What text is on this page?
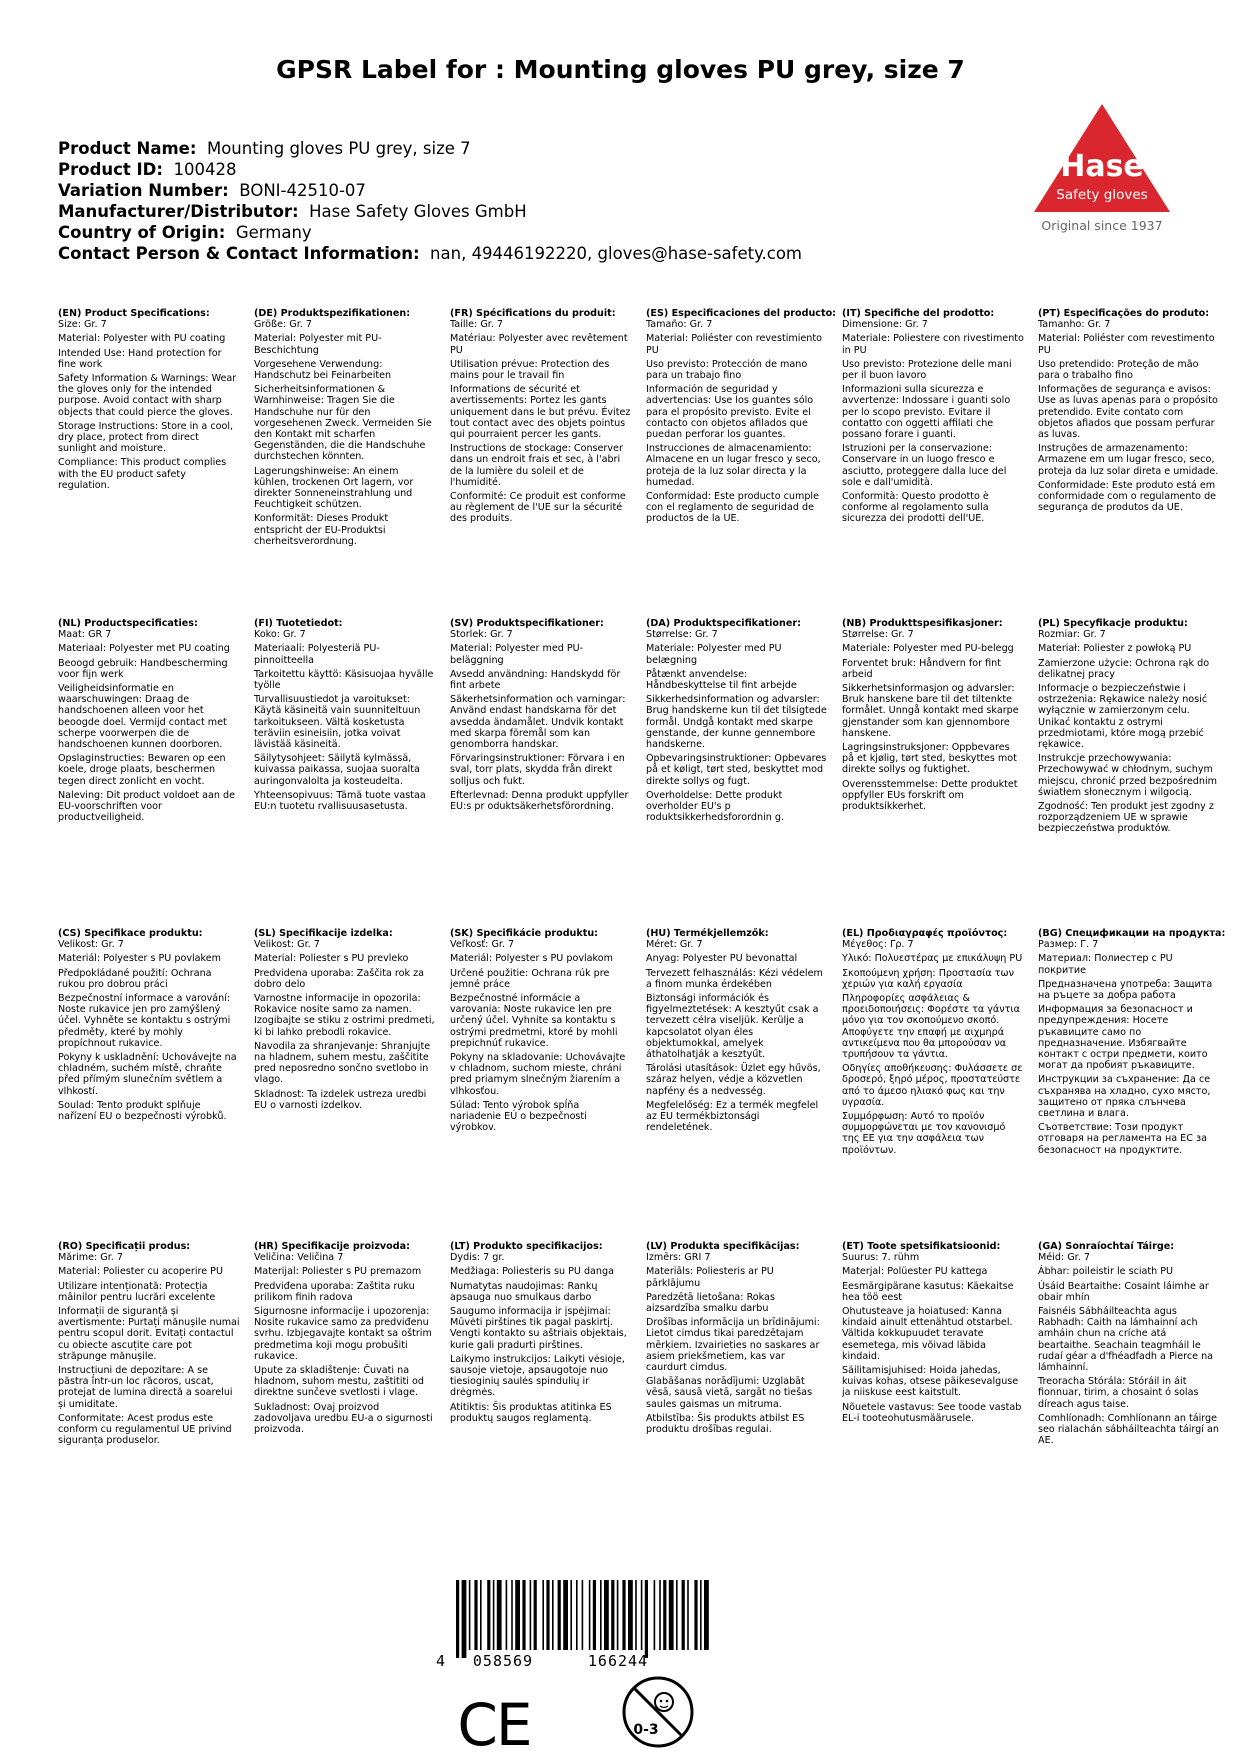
GPSR Label for : Mounting gloves PU grey, size 7
Product Name: Mounting gloves PU grey, size 7
Product ID: 100428
Variation Number: BONI-42510-07
Manufacturer/Distributor: Hase Safety Gloves GmbH
Country of Origin: Germany
Contact Person & Contact Information: nan, 49446192220, gloves@hase-safety.com
Hase
Safety gloves
Original since 1937
(EN) Product Specifications:
Size: Gr. 7
Material: Polyester with PU coating
Intended Use: Hand protection for fine work
Safety Information & Warnings: Wear the gloves only for the intended purpose. Avoid contact with sharp objects that could pierce the gloves.
Storage Instructions: Store in a cool, dry place, protect from direct sunlight and moisture.
Compliance: This product complies with the EU product safety regulation.
(DE) Produktspezifikationen:
Größe: Gr. 7
Material: Polyester mit PU-Beschichtung
Vorgesehene Verwendung: Handschutz bei Feinarbeiten
Sicherheitsinformationen & Warnhinweise: Tragen Sie die Handschuhe nur für den vorgesehenen Zweck. Vermeiden Sie den Kontakt mit scharfen Gegenständen, die die Handschuhe durchstechen könnten.
Lagerungshinweise: An einem kühlen, trockenen Ort lagern, vor direkter Sonneneinstrahlung und Feuchtigkeit schützen.
Konformität: Dieses Produkt entspricht der EU-Produktsi cherheitsverordnung.
(FR) Spécifications du produit:
Taille: Gr. 7
Matériau: Polyester avec revêtement PU
Utilisation prévue: Protection des mains pour le travail fin
Informations de sécurité et avertissements: Portez les gants uniquement dans le but prévu. Évitez tout contact avec des objets pointus qui pourraient percer les gants.
Instructions de stockage: Conserver dans un endroit frais et sec, à l'abri de la lumière du soleil et de l'humidité.
Conformité: Ce produit est conforme au règlement de l'UE sur la sécurité des produits.
(ES) Especificaciones del producto:
Tamaño: Gr. 7
Material: Poliéster con revestimiento PU
Uso previsto: Protección de mano para un trabajo fino
Información de seguridad y advertencias: Use los guantes sólo para el propósito previsto. Evite el contacto con objetos afilados que puedan perforar los guantes.
Instrucciones de almacenamiento: Almacene en un lugar fresco y seco, proteja de la luz solar directa y la humedad.
Conformidad: Este producto cumple con el reglamento de seguridad de productos de la UE.
(IT) Specifiche del prodotto:
Dimensione: Gr. 7
Materiale: Poliestere con rivestimento in PU
Uso previsto: Protezione delle mani per il buon lavoro
Informazioni sulla sicurezza e avvertenze: Indossare i guanti solo per lo scopo previsto. Evitare il contatto con oggetti affilati che possano forare i guanti.
Istruzioni per la conservazione: Conservare in un luogo fresco e asciutto, proteggere dalla luce del sole e dall'umidità.
Conformità: Questo prodotto è conforme al regolamento sulla sicurezza dei prodotti dell'UE.
(PT) Especificações do produto:
Tamanho: Gr. 7
Material: Poliéster com revestimento PU
Uso pretendido: Proteção de mão para o trabalho fino
Informações de segurança e avisos: Use as luvas apenas para o propósito pretendido. Evite contato com objetos afiados que possam perfurar as luvas.
Instruções de armazenamento: Armazene em um lugar fresco, seco, proteja da luz solar direta e umidade.
Conformidade: Este produto está em conformidade com o regulamento de segurança de produtos da UE.
(NL) Productspecificaties:
Maat: GR 7
Materiaal: Polyester met PU coating
Beoogd gebruik: Handbescherming voor fijn werk
Veiligheidsinformatie en waarschuwingen: Draag de handschoenen alleen voor het beoogde doel. Vermijd contact met scherpe voorwerpen die de handschoenen kunnen doorboren.
Opslaginstructies: Bewaren op een koele, droge plaats, beschermen tegen direct zonlicht en vocht.
Naleving: Dit product voldoet aan de EU-voorschriften voor productveiligheid.
(FI) Tuotetiedot:
Koko: Gr. 7
Materiaali: Polyesteriä PU-pinnoitteella
Tarkoitettu käyttö: Käsisuojaa hyvälle työlle
Turvallisuustiedot ja varoitukset: Käytä käsineitä vain suunniteltuun tarkoitukseen. Vältä kosketusta teräviin esineisiin, jotka voivat lävistää käsineitä.
Säilytysohjeet: Säilytä kylmässä, kuivassa paikassa, suojaa suoralta auringonvalolta ja kosteudelta.
Yhteensopivuus: Tämä tuote vastaa EU:n tuotetu rvallisuusasetusta.
(SV) Produktspecifikationer:
Storlek: Gr. 7
Material: Polyester med PU-beläggning
Avsedd användning: Handskydd för fint arbete
Säkerhetsinformation och varningar: Använd endast handskarna för det avsedda ändamålet. Undvik kontakt med skarpa föremål som kan genomborra handskar.
Förvaringsinstruktioner: Förvara i en sval, torr plats, skydda från direkt solljus och fukt.
Efterlevnad: Denna produkt uppfyller EU:s pr oduktsäkerhetsförordning.
(DA) Produktspecifikationer:
Størrelse: Gr. 7
Materiale: Polyester med PU belægning
Påtænkt anvendelse: Håndbeskyttelse til fint arbejde
Sikkerhedsinformation og advarsler: Brug handskerne kun til det tilsigtede formål. Undgå kontakt med skarpe genstande, der kunne gennembore handskerne.
Opbevaringsinstruktioner: Opbevares på et køligt, tørt sted, beskyttet mod direkte sollys og fugt.
Overholdelse: Dette produkt overholder EU's p roduktsikkerhedsforordnin g.
(NB) Produkttspesifikasjoner:
Størrelse: Gr. 7
Materiale: Polyester med PU-belegg
Forventet bruk: Håndvern for fint arbeid
Sikkerhetsinformasjon og advarsler: Bruk hanskene bare til det tiltenkte formålet. Unngå kontakt med skarpe gjenstander som kan gjennombore hanskene.
Lagringsinstruksjoner: Oppbevares på et kjølig, tørt sted, beskyttes mot direkte sollys og fuktighet.
Overensstemmelse: Dette produktet oppfyller EUs forskrift om produktsikkerhet.
(PL) Specyfikacje produktu:
Rozmiar: Gr. 7
Materiał: Poliester z powłoką PU
Zamierzone użycie: Ochrona rąk do delikatnej pracy
Informacje o bezpieczeństwie i ostrzeżenia: Rękawice należy nosić wyłącznie w zamierzonym celu. Unikać kontaktu z ostrymi przedmiotami, które mogą przebić rękawice.
Instrukcje przechowywania: Przechowywać w chłodnym, suchym miejscu, chronić przed bezpośrednim światłem słonecznym i wilgocią.
Zgodność: Ten produkt jest zgodny z rozporządzeniem UE w sprawie bezpieczeństwa produktów.
(CS) Specifikace produktu:
Velikost: Gr. 7
Materiál: Polyester s PU povlakem
Předpokládané použití: Ochrana rukou pro dobrou práci
Bezpečnostní informace a varování: Noste rukavice jen pro zamýšlený účel. Vyhněte se kontaktu s ostrými předměty, které by mohly propíchnout rukavice.
Pokyny k uskladnění: Uchovávejte na chladném, suchém místě, chraňte před přímým slunečním světlem a vlhkostí.
Soulad: Tento produkt splňuje nařízení EU o bezpečnosti výrobků.
(SL) Specifikacije izdelka:
Velikost: Gr. 7
Material: Poliester s PU prevleko
Predvidena uporaba: Zaščita rok za dobro delo
Varnostne informacije in opozorila: Rokavice nosite samo za namen. Izogibajte se stiku z ostrimi predmeti, ki bi lahko prebodli rokavice.
Navodila za shranjevanje: Shranjujte na hladnem, suhem mestu, zaščitite pred neposredno sončno svetlobo in vlago.
Skladnost: Ta izdelek ustreza uredbi EU o varnosti izdelkov.
(SK) Špecifikácie produktu:
Veľkosť: Gr. 7
Materiál: Polyester s PU povlakom
Určené použitie: Ochrana rúk pre jemné práce
Bezpečnostné informácie a varovania: Noste rukavice len pre určený účel. Vyhnite sa kontaktu s ostrými predmetmi, ktoré by mohli prepichnúť rukavice.
Pokyny na skladovanie: Uchovávajte v chladnom, suchom mieste, chráni pred priamym slnečným žiarením a vlhkosťou.
Súlad: Tento výrobok spĺňa nariadenie EÚ o bezpečnosti výrobkov.
(HU) Termékjellemzők:
Méret: Gr. 7
Anyag: Polyester PU bevonattal
Tervezett felhasználás: Kézi védelem a finom munka érdekében
Biztonsági információk és figyelmeztetések: A kesztyűt csak a tervezett célra viseljük. Kerülje a kapcsolatot olyan éles objektumokkal, amelyek áthatolhatják a kesztyűt.
Tárolási utasítások: Üzlet egy hűvös, száraz helyen, védje a közvetlen napfény és a nedvesség.
Megfelelőség: Ez a termék megfelel az EU termékbiztonsági rendeletének.
(EL) Προδιαγραφές προϊόντος:
Μέγεθος: Γρ. 7
Υλικό: Πολυεστέρας με επικάλυψη PU
Σκοπούμενη χρήση: Προστασία των χεριών για καλή εργασία
Πληροφορίες ασφάλειας & προειδοποιήσεις: Φορέστε τα γάντια μόνο για τον σκοπούμενο σκοπό. Αποφύγετε την επαφή με αιχμηρά αντικείμενα που θα μπορούσαν να τρυπήσουν τα γάντια.
Οδηγίες αποθήκευσης: Φυλάσσετε σε δροσερό, ξηρό μέρος, προστατεύστε από το άμεσο ηλιακό φως και την υγρασία.
Συμμόρφωση: Αυτό το προϊόν συμμορφώνεται με τον κανονισμό της ΕΕ για την ασφάλεια των προϊόντων.
(BG) Спецификации на продукта:
Размер: Г. 7
Материал: Полиестер с PU покритие
Предназначена употреба: Защита на ръцете за добра работа
Информация за безопасност и предупреждения: Носете ръкавиците само по предназначение. Избягвайте контакт с остри предмети, които могат да пробият ръкавиците.
Инструкции за съхранение: Да се съхранява на хладно, сухо място, защитено от пряка слънчева светлина и влага.
Съответствие: Този продукт отговаря на регламента на ЕС за безопасност на продуктите.
(RO) Specificații produs:
Mărime: Gr. 7
Material: Poliester cu acoperire PU
Utilizare intenționată: Protecția mâinilor pentru lucrări excelente
Informații de siguranță și avertismente: Purtați mănușile numai pentru scopul dorit. Evitați contactul cu obiecte ascuțite care pot străpunge mănușile.
Instrucțiuni de depozitare: A se păstra într-un loc răcoros, uscat, protejat de lumina directă a soarelui și umiditate.
Conformitate: Acest produs este conform cu regulamentul UE privind siguranța produselor.
(HR) Specifikacije proizvoda:
Veličina: Veličina 7
Materijal: Poliester s PU premazom
Predviđena uporaba: Zaštita ruku prilikom finih radova
Sigurnosne informacije i upozorenja: Nosite rukavice samo za predviđenu svrhu. Izbjegavajte kontakt sa oštrim predmetima koji mogu probušiti rukavice.
Upute za skladištenje: Čuvati na hladnom, suhom mestu, zaštititi od direktne sunčeve svetlosti i vlage.
Sukladnost: Ovaj proizvod zadovoljava uredbu EU-a o sigurnosti proizvoda.
(LT) Produkto specifikacijos:
Dydis: 7 gr.
Medžiaga: Poliesteris su PU danga
Numatytas naudojimas: Rankų apsauga nuo smulkaus darbo
Saugumo informacija ir įspėjimai: Mūvėti pirštines tik pagal paskirtį. Vengti kontakto su aštriais objektais, kurie gali pradurti pirštines.
Laikymo instrukcijos: Laikyti vėsioje, sausoje vietoje, apsaugotoje nuo tiesioginių saulės spindulių ir drėgmės.
Atitiktis: Šis produktas atitinka ES produktų saugos reglamentą.
(LV) Produkta specifikācijas:
Izmērs: GRI 7
Materiāls: Poliesteris ar PU pārklājumu
Paredzētā lietošana: Rokas aizsardzība smalku darbu
Drošības informācija un brīdinājumi: Lietot cimdus tikai paredzētajam mērķiem. Izvairieties no saskares ar asiem priekšmetiem, kas var caurdurt cimdus.
Glabāšanas norādījumi: Uzglabāt vēsā, sausā vietā, sargāt no tiešas saules gaismas un mitruma.
Atbilstība: Šis produkts atbilst ES produktu drošības regulai.
(ET) Toote spetsifikatsioonid:
Suurus: 7. rühm
Materjal: Polüester PU kattega
Eesmärgipärane kasutus: Käekaitse hea töö eest
Ohutusteave ja hoiatused: Kanna kindaid ainult ettenähtud otstarbel. Vältida kokkupuudet teravate esemetega, mis võivad läbida kindaid.
Säilitamisjuhised: Hoida jahedas, kuivas kohas, otsese päikesevalguse ja niiskuse eest kaitstult.
Nõuetele vastavus: See toode vastab EL-i tooteohutusmäärusele.
(GA) Sonraíochtaí Táirge:
Méid: Gr. 7
Ábhar: poileistir le sciath PU
Úsáid Beartaithe: Cosaint láimhe ar obair mhín
Faisnéis Sábháilteachta agus Rabhadh: Caith na lámhainní ach amháin chun na críche atá beartaithe. Seachain teagmháil le rudaí géar a d'fhéadfadh a Pierce na lámhainní.
Treoracha Stórála: Stóráil in áit fionnuar, tirim, a chosaint ó solas díreach agus taise.
Comhlíonadh: Comhlíonann an táirge seo rialachán sábháilteachta táirgí an AE.
4 058569	166244
CE	0-3
